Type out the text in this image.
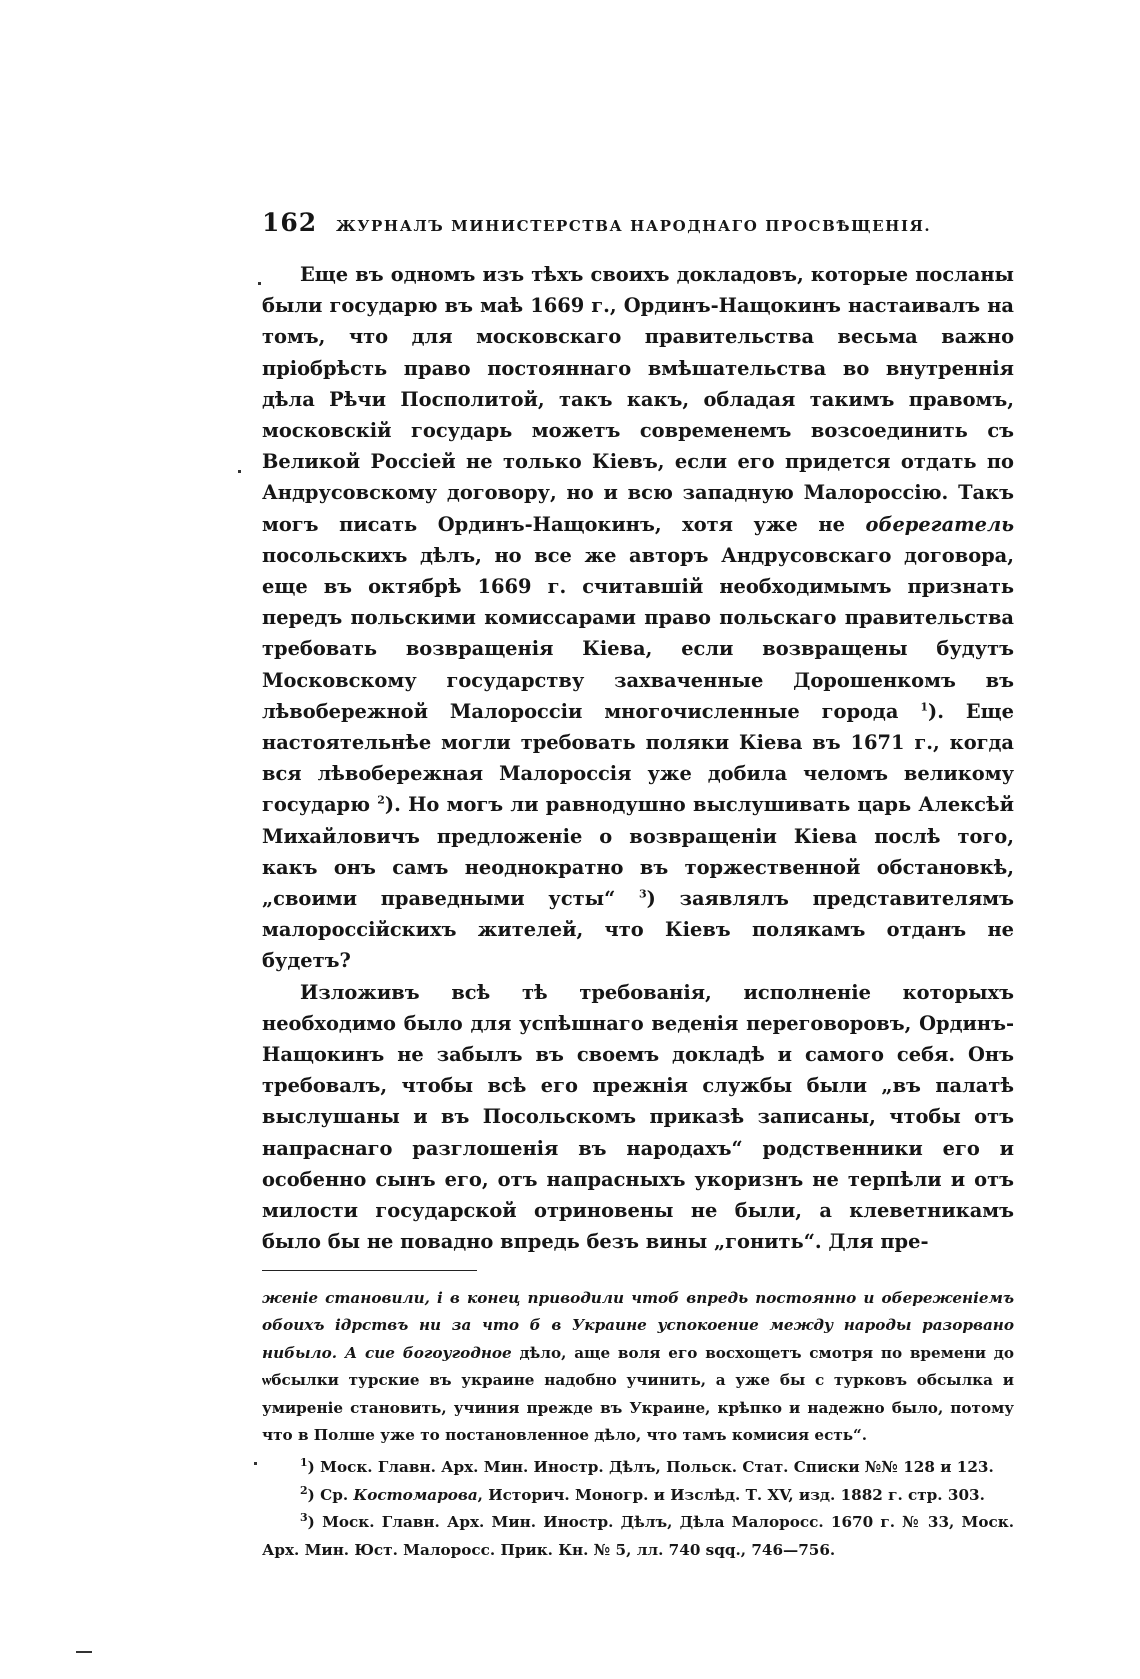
162	ЖУРНАЛЪ МИНИСТЕРСТВА НАРОДНАГО ПРОСВѢЩЕНІЯ.

Еще въ одномъ изъ тѣхъ своихъ докладовъ, которые посланы были государю въ маѣ 1669 г., Ординъ-Нащокинъ настаивалъ на томъ, что для московскаго правительства весьма важно пріобрѣсть право постояннаго вмѣшательства во внутреннія дѣла Рѣчи Посполитой, такъ какъ, обладая такимъ правомъ, московскій государь можетъ современемъ возсоединить съ Великой Россіей не только Кіевъ, если его придется отдать по Андрусовскому договору, но и всю западную Малороссію. Такъ могъ писать Ординъ-Нащокинъ, хотя уже не оберегатель посольскихъ дѣлъ, но все же авторъ Андрусовскаго договора, еще въ октябрѣ 1669 г. считавшій необходимымъ признать передъ польскими комиссарами право польскаго правительства требовать возвращенія Кіева, если возвращены будутъ Московскому государству захваченные Дорошенкомъ въ лѣвобережной Малороссіи многочисленные города $^1$). Еще настоятельнѣе могли требовать поляки Кіева въ 1671 г., когда вся лѣвобережная Малороссія уже добила челомъ великому государю $^2$). Но могъ ли равнодушно выслушивать царь Алексѣй Михайловичъ предложеніе о возвращеніи Кіева послѣ того, какъ онъ самъ неоднократно въ торжественной обстановкѣ, „своими праведными усты“ $^3$) заявлялъ представителямъ малороссійскихъ жителей, что Кіевъ полякамъ отданъ не будетъ?

Изложивъ всѣ тѣ требованія, исполненіе которыхъ необходимо было для успѣшнаго веденія переговоровъ, Ординъ-Нащокинъ не забылъ въ своемъ докладѣ и самого себя. Онъ требовалъ, чтобы всѣ его прежнія службы были „въ палатѣ выслушаны и въ Посольскомъ приказѣ записаны, чтобы отъ напраснаго разглошенія въ народахъ“ родственники его и особенно сынъ его, отъ напрасныхъ укоризнъ не терпѣли и отъ милости государской отриновены не были, а клеветникамъ было бы не повадно впредь безъ вины „гонить“. Для пре-

женіе становили, і в конец приводили чтоб впредь постоянно и обереженіемъ обоихъ ідрствъ ни за что б в Украине успокоение между народы разорвано нибыло. А сие богоугодное дѣло, аще воля его восхощетъ смотря по времени до ѡбсылки турские въ украине надобно учинить, а уже бы с турковъ обсылка и умиренiе становить, учиния прежде въ Украине, крѣпко и надежно было, потому что в Полше уже то постановленное дѣло, что тамъ комисия есть“.

$^1$) Моск. Главн. Арх. Мин. Иностр. Дѣлъ, Польск. Стат. Списки №№ 128 и 123.

$^2$) Ср. Костомарова, Историч. Моногр. и Изслѣд. Т. XV, изд. 1882 г. стр. 303.

$^3$) Моск. Главн. Арх. Мин. Иностр. Дѣлъ, Дѣла Малоросс. 1670 г. № 33, Моск. Арх. Мин. Юст. Малоросс. Прик. Кн. № 5, лл. 740 sqq., 746—756.
